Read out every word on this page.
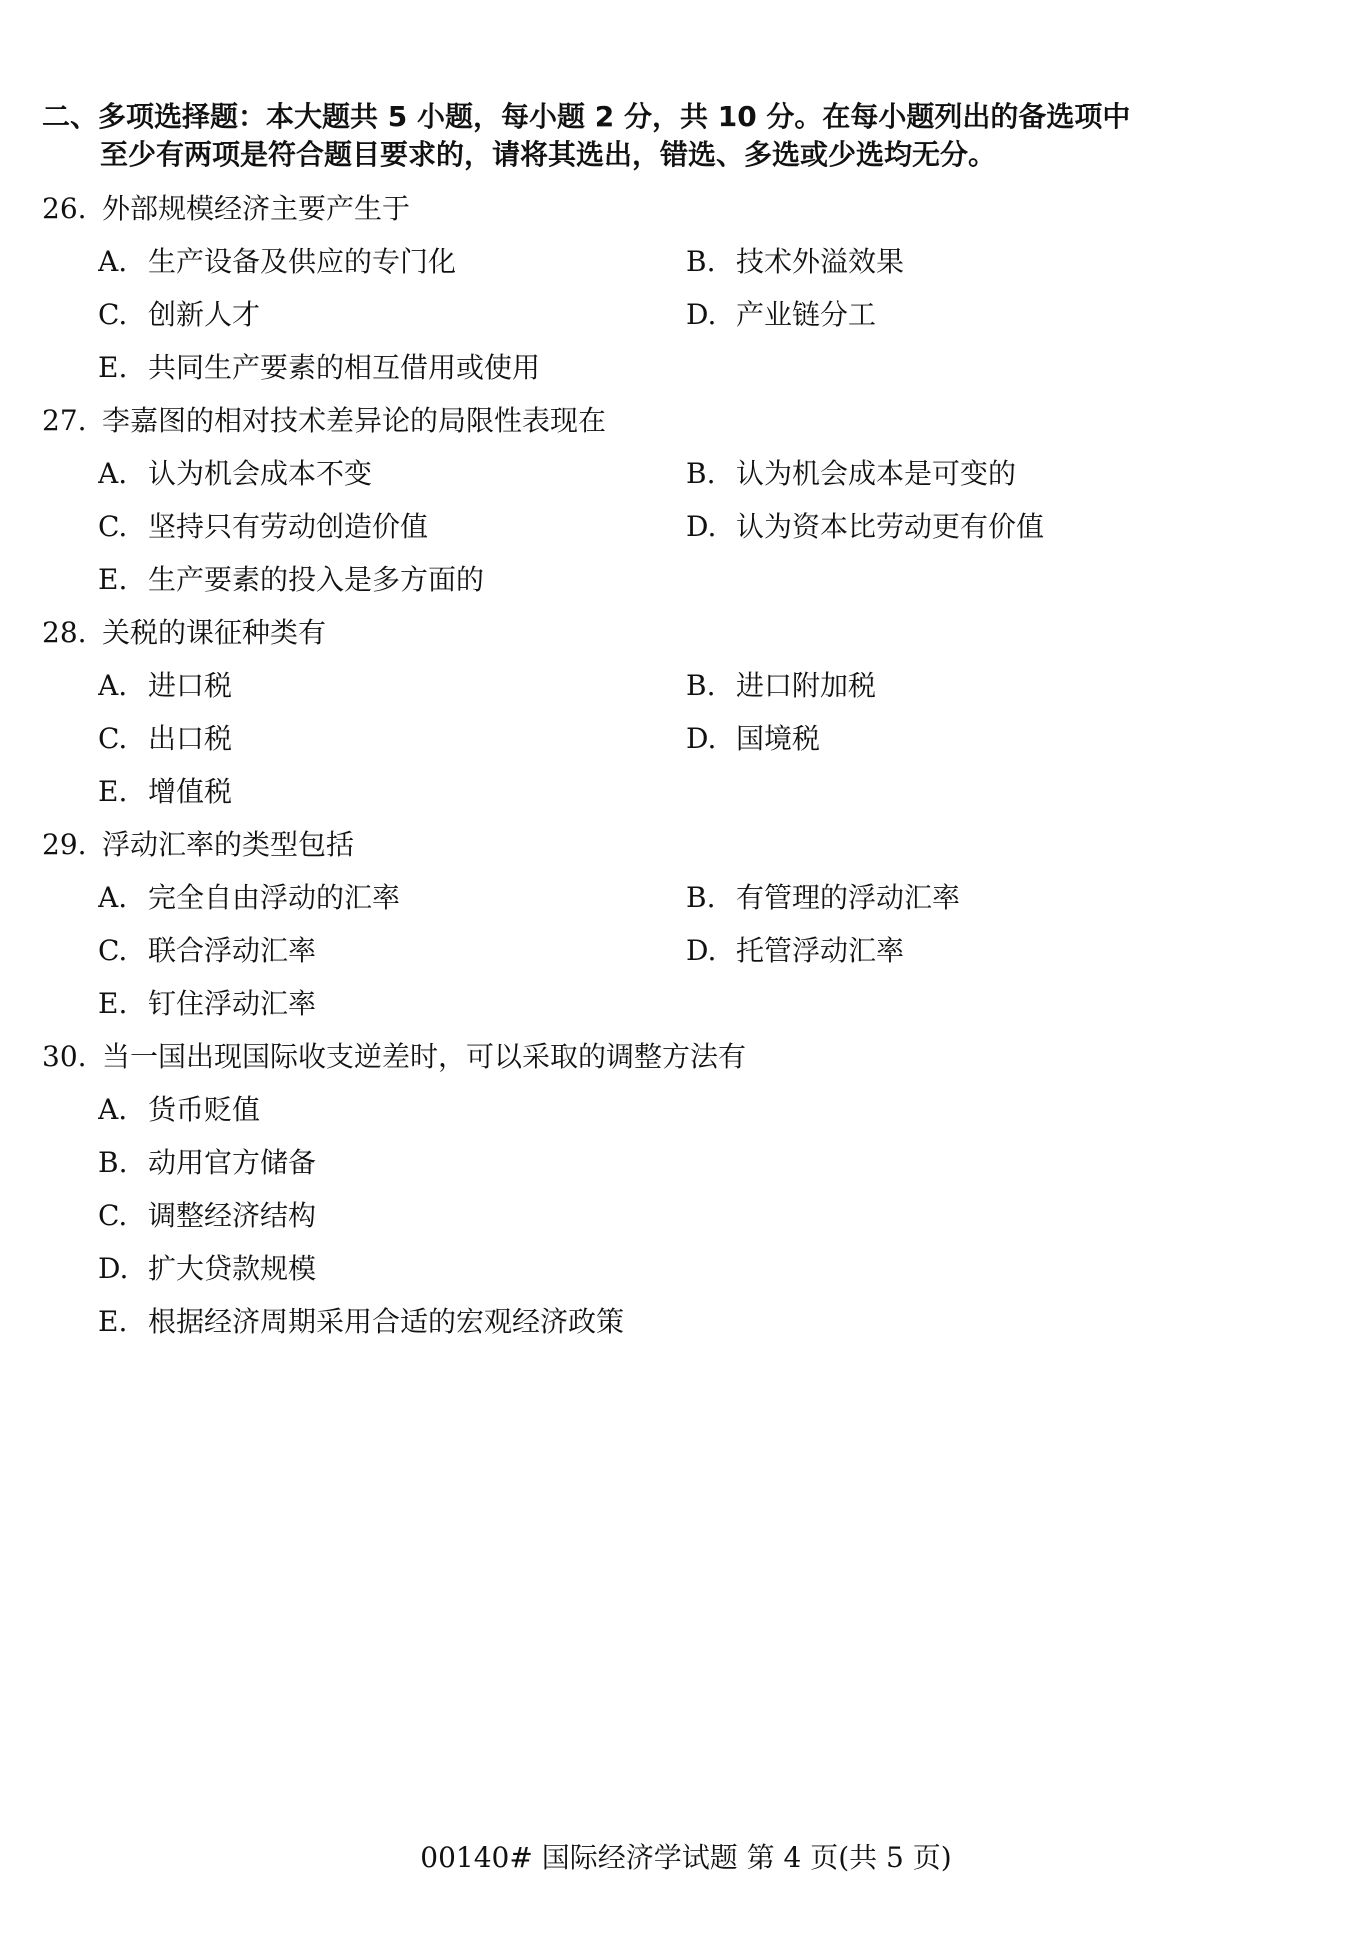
二、多项选择题：本大题共 5 小题，每小题 2 分，共 10 分。在每小题列出的备选项中
至少有两项是符合题目要求的，请将其选出，错选、多选或少选均无分。
26. 外部规模经济主要产生于
A. 生产设备及供应的专门化	B. 技术外溢效果
C. 创新人才	D. 产业链分工
E. 共同生产要素的相互借用或使用
27. 李嘉图的相对技术差异论的局限性表现在
A. 认为机会成本不变	B. 认为机会成本是可变的
C. 坚持只有劳动创造价值	D. 认为资本比劳动更有价值
E. 生产要素的投入是多方面的
28. 关税的课征种类有
A. 进口税	B. 进口附加税
C. 出口税	D. 国境税
E. 增值税
29. 浮动汇率的类型包括
A. 完全自由浮动的汇率	B. 有管理的浮动汇率
C. 联合浮动汇率	D. 托管浮动汇率
E. 钉住浮动汇率
30. 当一国出现国际收支逆差时，可以采取的调整方法有
A. 货币贬值
B. 动用官方储备
C. 调整经济结构
D. 扩大贷款规模
E. 根据经济周期采用合适的宏观经济政策
00140# 国际经济学试题 第 4 页(共 5 页)
